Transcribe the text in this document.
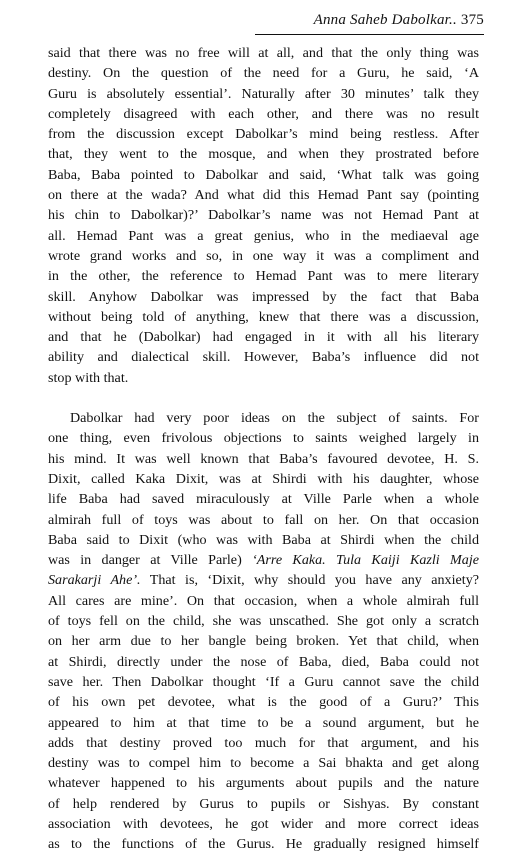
Anna Saheb Dabolkar.. 375

said that there was no free will at all, and that the only thing was
destiny. On the question of the need for a Guru, he said, ‘A
Guru is absolutely essential’. Naturally after 30 minutes’ talk they
completely disagreed with each other, and there was no result
from the discussion except Dabolkar’s mind being restless. After
that, they went to the mosque, and when they prostrated before
Baba, Baba pointed to Dabolkar and said, ‘What talk was going
on there at the wada? And what did this Hemad Pant say (pointing
his chin to Dabolkar)?’ Dabolkar’s name was not Hemad Pant at
all. Hemad Pant was a great genius, who in the mediaeval age
wrote grand works and so, in one way it was a compliment and
in the other, the reference to Hemad Pant was to mere literary
skill. Anyhow Dabolkar was impressed by the fact that Baba
without being told of anything, knew that there was a discussion,
and that he (Dabolkar) had engaged in it with all his literary
ability and dialectical skill. However, Baba’s influence did not
stop with that.

Dabolkar had very poor ideas on the subject of saints. For
one thing, even frivolous objections to saints weighed largely in
his mind. It was well known that Baba’s favoured devotee, H. S.
Dixit, called Kaka Dixit, was at Shirdi with his daughter, whose
life Baba had saved miraculously at Ville Parle when a whole
almirah full of toys was about to fall on her. On that occasion
Baba said to Dixit (who was with Baba at Shirdi when the child
was in danger at Ville Parle) ‘Arre Kaka. Tula Kaiji Kazli Maje
Sarakarji Ahe’. That is, ‘Dixit, why should you have any anxiety?
All cares are mine’. On that occasion, when a whole almirah full
of toys fell on the child, she was unscathed. She got only a scratch
on her arm due to her bangle being broken. Yet that child, when
at Shirdi, directly under the nose of Baba, died, Baba could not
save her. Then Dabolkar thought ‘If a Guru cannot save the child
of his own pet devotee, what is the good of a Guru?’ This
appeared to him at that time to be a sound argument, but he
adds that destiny proved too much for that argument, and his
destiny was to compel him to become a Sai bhakta and get along
whatever happened to his arguments about pupils and the nature
of help rendered by Gurus to pupils or Sishyas. By constant
association with devotees, he got wider and more correct ideas
as to the functions of the Gurus. He gradually resigned himself
